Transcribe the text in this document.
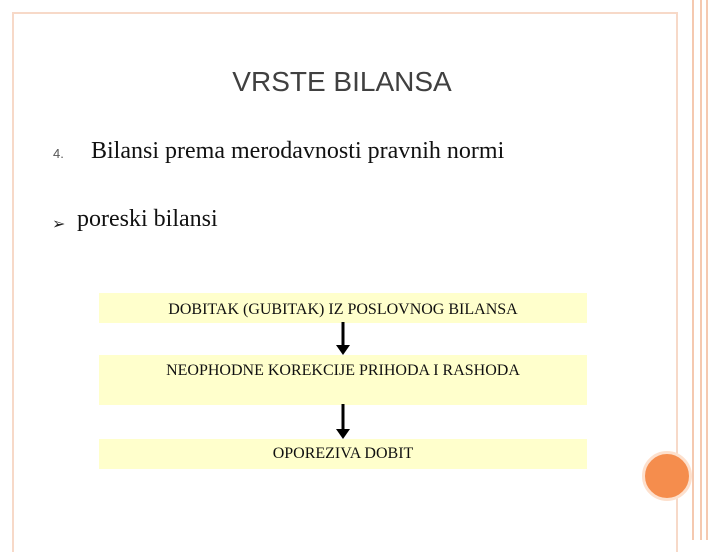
VRSTE BILANSA
4. Bilansi prema merodavnosti pravnih normi
➢ poreski bilansi
DOBITAK (GUBITAK) IZ POSLOVNOG BILANSA
NEOPHODNE KOREKCIJE PRIHODA I RASHODA
OPOREZIVA DOBIT
